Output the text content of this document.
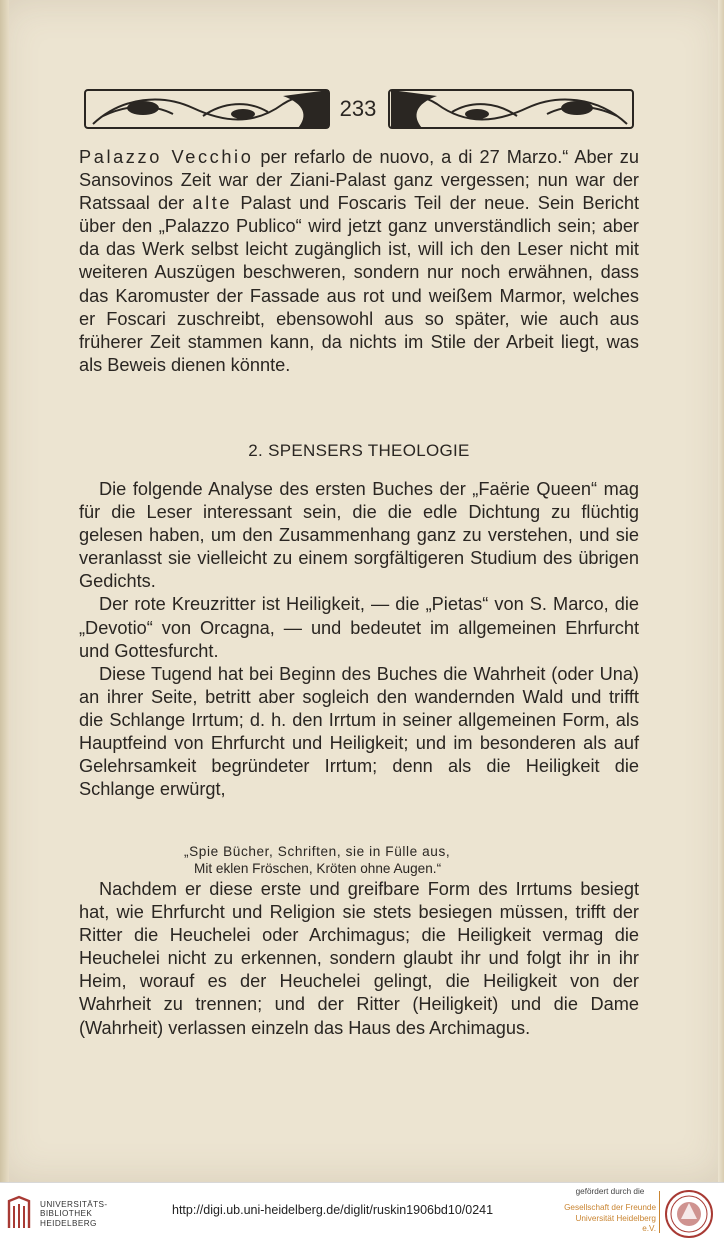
233

Palazzo Vecchio per refarlo de nuovo, a di 27 Marzo.“ Aber zu Sansovinos Zeit war der Ziani-Palast ganz vergessen; nun war der Ratssaal der alte Palast und Foscaris Teil der neue. Sein Bericht über den „Palazzo Publico“ wird jetzt ganz unverständlich sein; aber da das Werk selbst leicht zugänglich ist, will ich den Leser nicht mit weiteren Auszügen beschweren, sondern nur noch erwähnen, dass das Karomuster der Fassade aus rot und weißem Marmor, welches er Foscari zuschreibt, ebensowohl aus so später, wie auch aus früherer Zeit stammen kann, da nichts im Stile der Arbeit liegt, was als Beweis dienen könnte.

2. SPENSERS THEOLOGIE

Die folgende Analyse des ersten Buches der „Faërie Queen“ mag für die Leser interessant sein, die die edle Dichtung zu flüchtig gelesen haben, um den Zusammenhang ganz zu verstehen, und sie veranlasst sie vielleicht zu einem sorgfältigeren Studium des übrigen Gedichts.

Der rote Kreuzritter ist Heiligkeit, — die „Pietas“ von S. Marco, die „Devotio“ von Orcagna, — und bedeutet im allgemeinen Ehrfurcht und Gottesfurcht.

Diese Tugend hat bei Beginn des Buches die Wahrheit (oder Una) an ihrer Seite, betritt aber sogleich den wandernden Wald und trifft die Schlange Irrtum; d. h. den Irrtum in seiner allgemeinen Form, als Hauptfeind von Ehrfurcht und Heiligkeit; und im besonderen als auf Gelehrsamkeit begründeter Irrtum; denn als die Heiligkeit die Schlange erwürgt,

„Spie Bücher, Schriften, sie in Fülle aus,
Mit eklen Fröschen, Kröten ohne Augen.“

Nachdem er diese erste und greifbare Form des Irrtums besiegt hat, wie Ehrfurcht und Religion sie stets besiegen müssen, trifft der Ritter die Heuchelei oder Archimagus; die Heiligkeit vermag die Heuchelei nicht zu erkennen, sondern glaubt ihr und folgt ihr in ihr Heim, worauf es der Heuchelei gelingt, die Heiligkeit von der Wahrheit zu trennen; und der Ritter (Heiligkeit) und die Dame (Wahrheit) verlassen einzeln das Haus des Archimagus.

UNIVERSITÄTS-
BIBLIOTHEK
HEIDELBERG
http://digi.ub.uni-heidelberg.de/diglit/ruskin1906bd10/0241
gefördert durch die
Gesellschaft der Freunde
Universität Heidelberg e.V.
